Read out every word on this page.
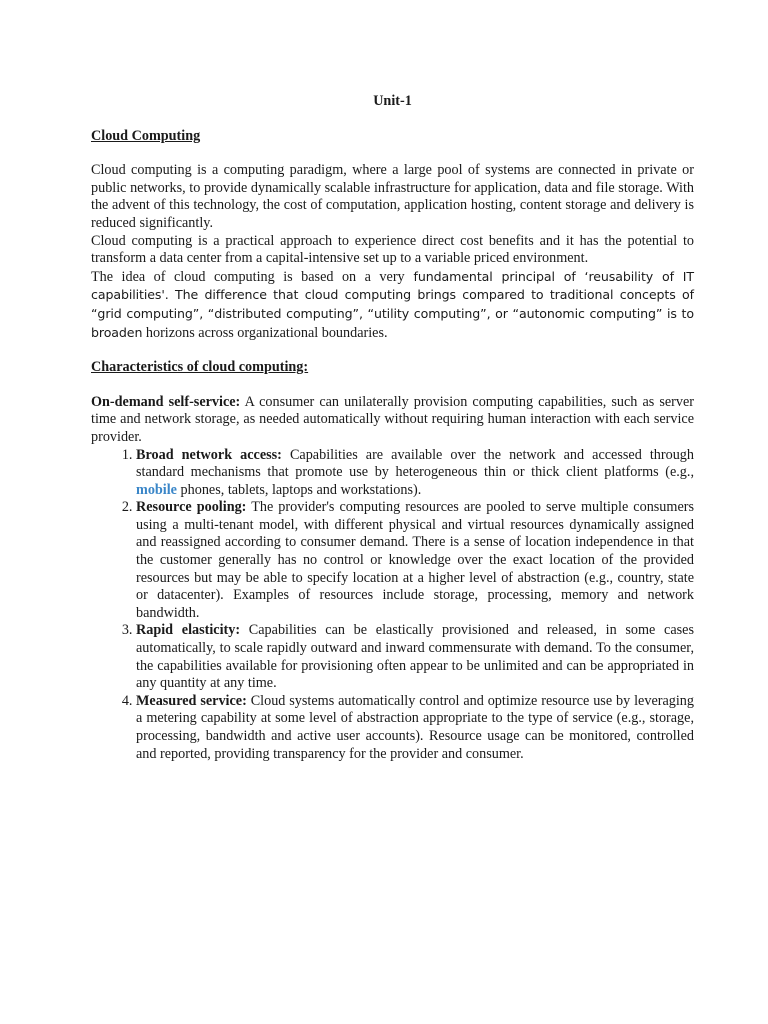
Unit-1
Cloud Computing

Cloud computing is a computing paradigm, where a large pool of systems are connected in private or public networks, to provide dynamically scalable infrastructure for application, data and file storage. With the advent of this technology, the cost of computation, application hosting, content storage and delivery is reduced significantly.

Cloud computing is a practical approach to experience direct cost benefits and it has the potential to transform a data center from a capital-intensive set up to a variable priced environment.

The idea of cloud computing is based on a very fundamental principal of ‘reusability of IT capabilities'. The difference that cloud computing brings compared to traditional concepts of “grid computing”, “distributed computing”, “utility computing”, or “autonomic computing” is to broaden horizons across organizational boundaries.

Characteristics of cloud computing:

On-demand self-service: A consumer can unilaterally provision computing capabilities, such as server time and network storage, as needed automatically without requiring human interaction with each service provider.

1. Broad network access: Capabilities are available over the network and accessed through standard mechanisms that promote use by heterogeneous thin or thick client platforms (e.g., mobile phones, tablets, laptops and workstations).
2. Resource pooling: The provider's computing resources are pooled to serve multiple consumers using a multi-tenant model, with different physical and virtual resources dynamically assigned and reassigned according to consumer demand. There is a sense of location independence in that the customer generally has no control or knowledge over the exact location of the provided resources but may be able to specify location at a higher level of abstraction (e.g., country, state or datacenter). Examples of resources include storage, processing, memory and network bandwidth.
3. Rapid elasticity: Capabilities can be elastically provisioned and released, in some cases automatically, to scale rapidly outward and inward commensurate with demand. To the consumer, the capabilities available for provisioning often appear to be unlimited and can be appropriated in any quantity at any time.
4. Measured service: Cloud systems automatically control and optimize resource use by leveraging a metering capability at some level of abstraction appropriate to the type of service (e.g., storage, processing, bandwidth and active user accounts). Resource usage can be monitored, controlled and reported, providing transparency for the provider and consumer.
